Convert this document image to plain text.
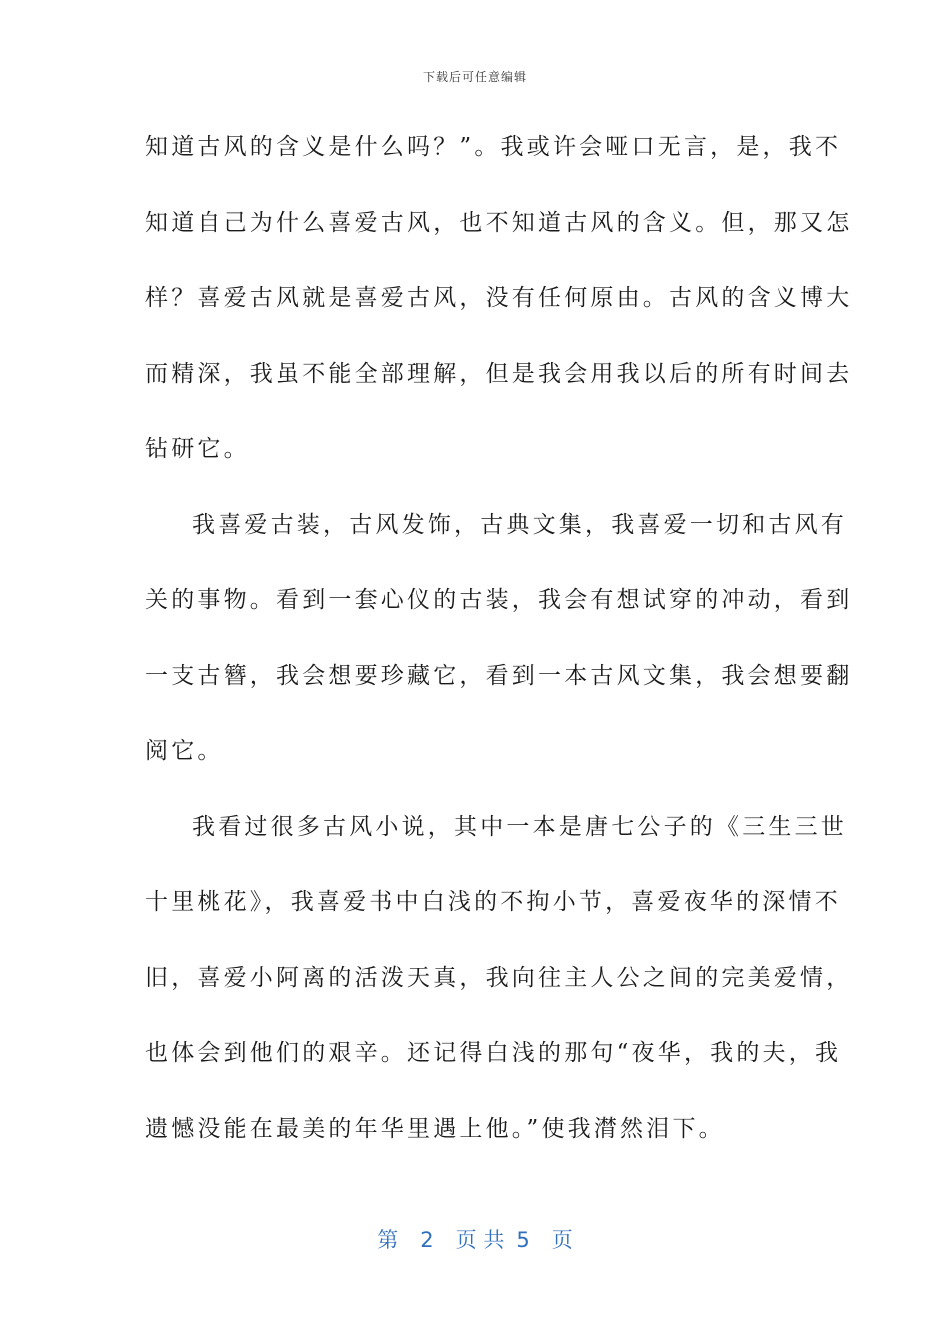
下载后可任意编辑
知道古风的含义是什么吗？”。我或许会哑口无言，是，我不
知道自己为什么喜爱古风，也不知道古风的含义。但，那又怎
样？喜爱古风就是喜爱古风，没有任何原由。古风的含义博大
而精深，我虽不能全部理解，但是我会用我以后的所有时间去
钻研它。
我喜爱古装，古风发饰，古典文集，我喜爱一切和古风有
关的事物。看到一套心仪的古装，我会有想试穿的冲动，看到
一支古簪，我会想要珍藏它，看到一本古风文集，我会想要翻
阅它。
我看过很多古风小说，其中一本是唐七公子的《三生三世
十里桃花》，我喜爱书中白浅的不拘小节，喜爱夜华的深情不
旧，喜爱小阿离的活泼天真，我向往主人公之间的完美爱情，
也体会到他们的艰辛。还记得白浅的那句“夜华，我的夫，我
遗憾没能在最美的年华里遇上他。”使我潸然泪下。
第 2 页 共 5 页
